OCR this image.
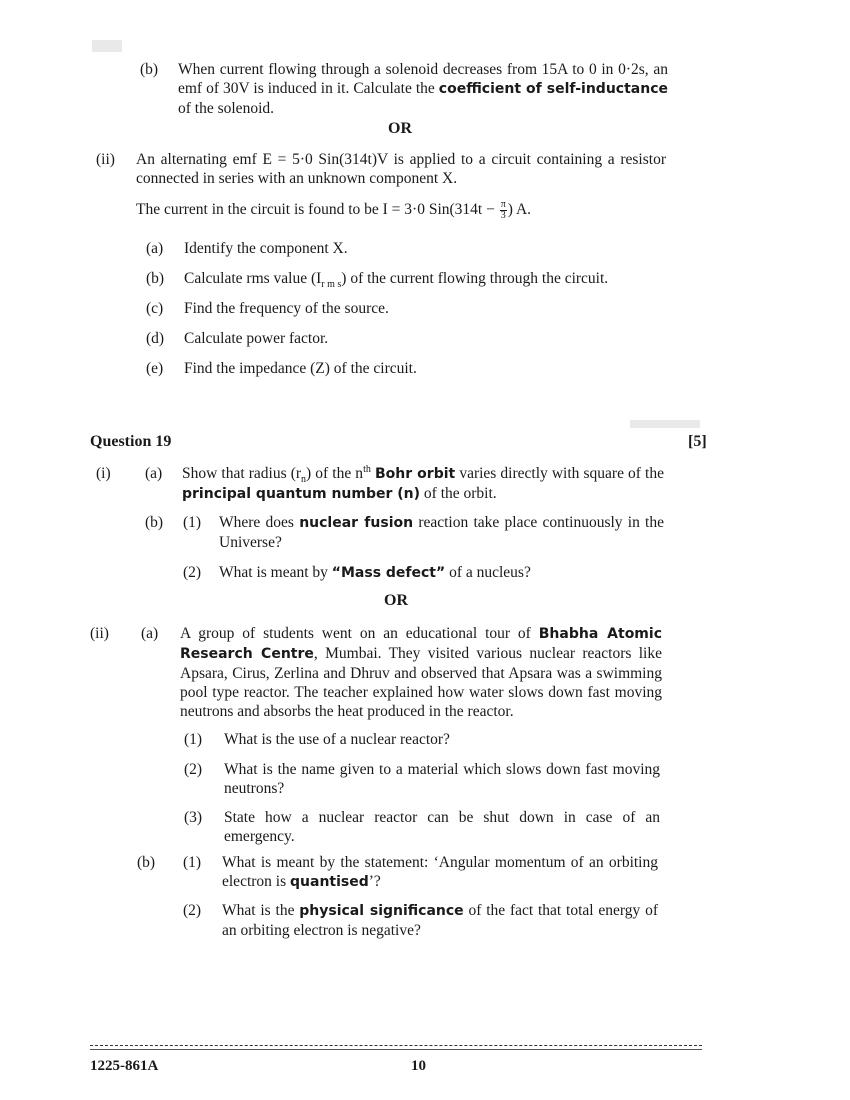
(b) When current flowing through a solenoid decreases from 15A to 0 in 0·2s, an emf of 30V is induced in it. Calculate the coefficient of self-inductance of the solenoid.
OR
(ii) An alternating emf E = 5·0 Sin(314t)V is applied to a circuit containing a resistor connected in series with an unknown component X.
The current in the circuit is found to be I = 3·0 $Sin(314t - \frac{\pi}{3}$ ) A.
(a) Identify the component X.
(b) Calculate rms value $(I_{r m s})$ of the current flowing through the circuit.
(c) Find the frequency of the source.
(d) Calculate power factor.
(e) Find the impedance (Z) of the circuit.
Question 19	[5]
(i) (a) Show that radius $(r_n)$ of the $n^{th}$ Bohr orbit varies directly with square of the principal quantum number (n) of the orbit.
(b) (1) Where does nuclear fusion reaction take place continuously in the Universe?
(2) What is meant by “Mass defect” of a nucleus?
OR
(ii) (a) A group of students went on an educational tour of Bhabha Atomic Research Centre, Mumbai. They visited various nuclear reactors like Apsara, Cirus, Zerlina and Dhruv and observed that Apsara was a swimming pool type reactor. The teacher explained how water slows down fast moving neutrons and absorbs the heat produced in the reactor.
(1) What is the use of a nuclear reactor?
(2) What is the name given to a material which slows down fast moving neutrons?
(3) State how a nuclear reactor can be shut down in case of an emergency.
(b) (1) What is meant by the statement: ‘Angular momentum of an orbiting electron is quantised’?
(2) What is the physical significance of the fact that total energy of an orbiting electron is negative?
1225-861A	10
